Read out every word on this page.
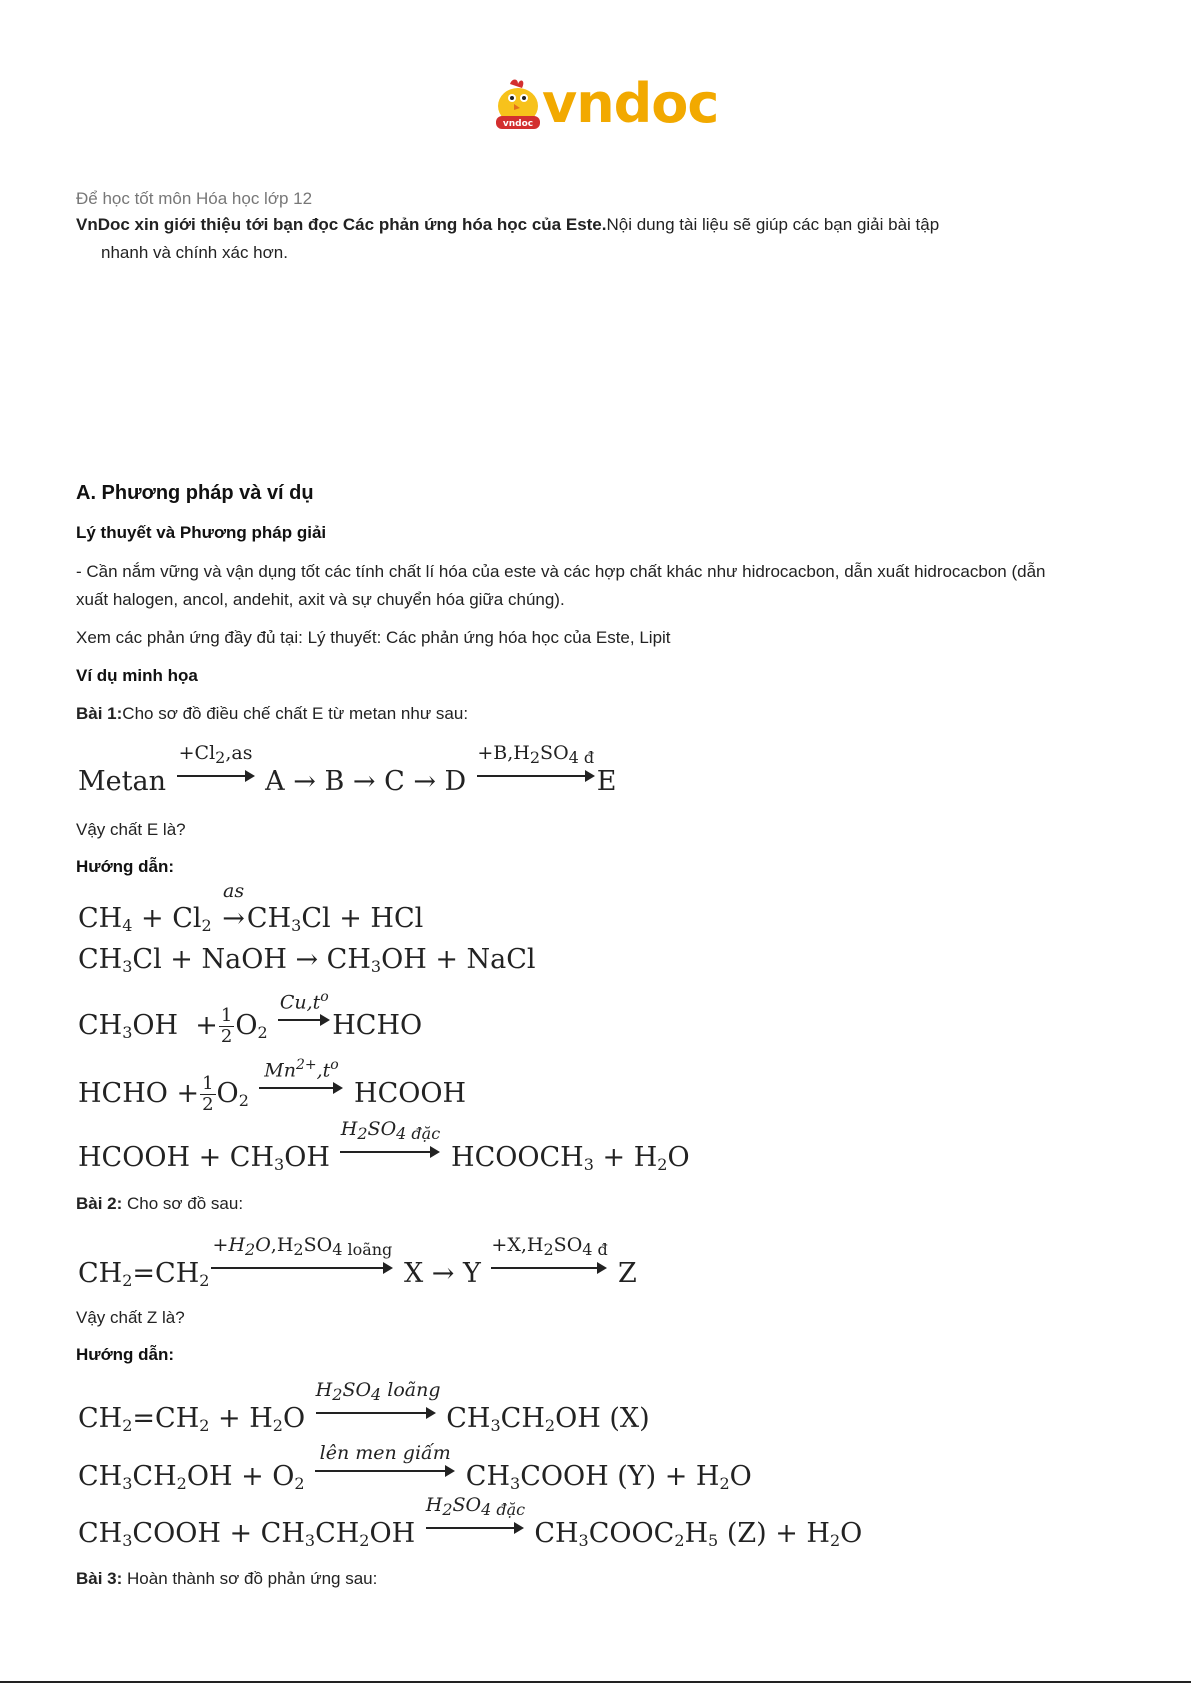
vndoc vndoc
Để học tốt môn Hóa học lớp 12
VnDoc xin giới thiệu tới bạn đọc Các phản ứng hóa học của Este.Nội dung tài liệu sẽ giúp các bạn giải bài tập
nhanh và chính xác hơn.
A. Phương pháp và ví dụ
Lý thuyết và Phương pháp giải
- Cần nắm vững và vận dụng tốt các tính chất lí hóa của este và các hợp chất khác như hidrocacbon, dẫn xuất hidrocacbon (dẫn
xuất halogen, ancol, andehit, axit và sự chuyển hóa giữa chúng).
Xem các phản ứng đầy đủ tại: Lý thuyết: Các phản ứng hóa học của Este, Lipit
Ví dụ minh họa
Bài 1:Cho sơ đồ điều chế chất E từ metan như sau:
Metan
$+Cl_2,as$
A → B → C → D
$+B,H_2SO_{4 đ}$
E
Vậy chất E là?
Hướng dẫn:
$CH_4 + Cl_2$
as
$\to CH_3Cl$ + HCl
$CH_3Cl$ + NaOH → $CH_3OH$ + NaCl
$CH_3OH + \frac{1}{2} O_2$
$Cu,t^o$
HCHO
HCHO + $\frac{1}{2} O_2$
$Mn^{2+},t^o$
HCOOH
HCOOH + $CH_3OH$
$H_2SO_{4 đặc}$
$HCOOCH_3 + H_2O$
Bài 2: Cho sơ đồ sau:
$CH_2=CH_2$
$+H_2O,H_2SO_{4 loãng}$
X → Y
$+X,H_2SO_{4 đ}$
Z
Vậy chất Z là?
Hướng dẫn:
$CH_2=CH_2 + H_2O$
$H_2SO_4$ loãng
$CH_3CH_2OH$ (X)
$CH_3CH_2OH + O_2$
lên men giấm
$CH_3COOH$ $(Y) + H_2O$
$CH_3COOH + CH_3CH_2OH$
$H_2SO_{4 đặc}$
$CH_3COOC_2H_5$ $(Z) + H_2O$
Bài 3: Hoàn thành sơ đồ phản ứng sau:
